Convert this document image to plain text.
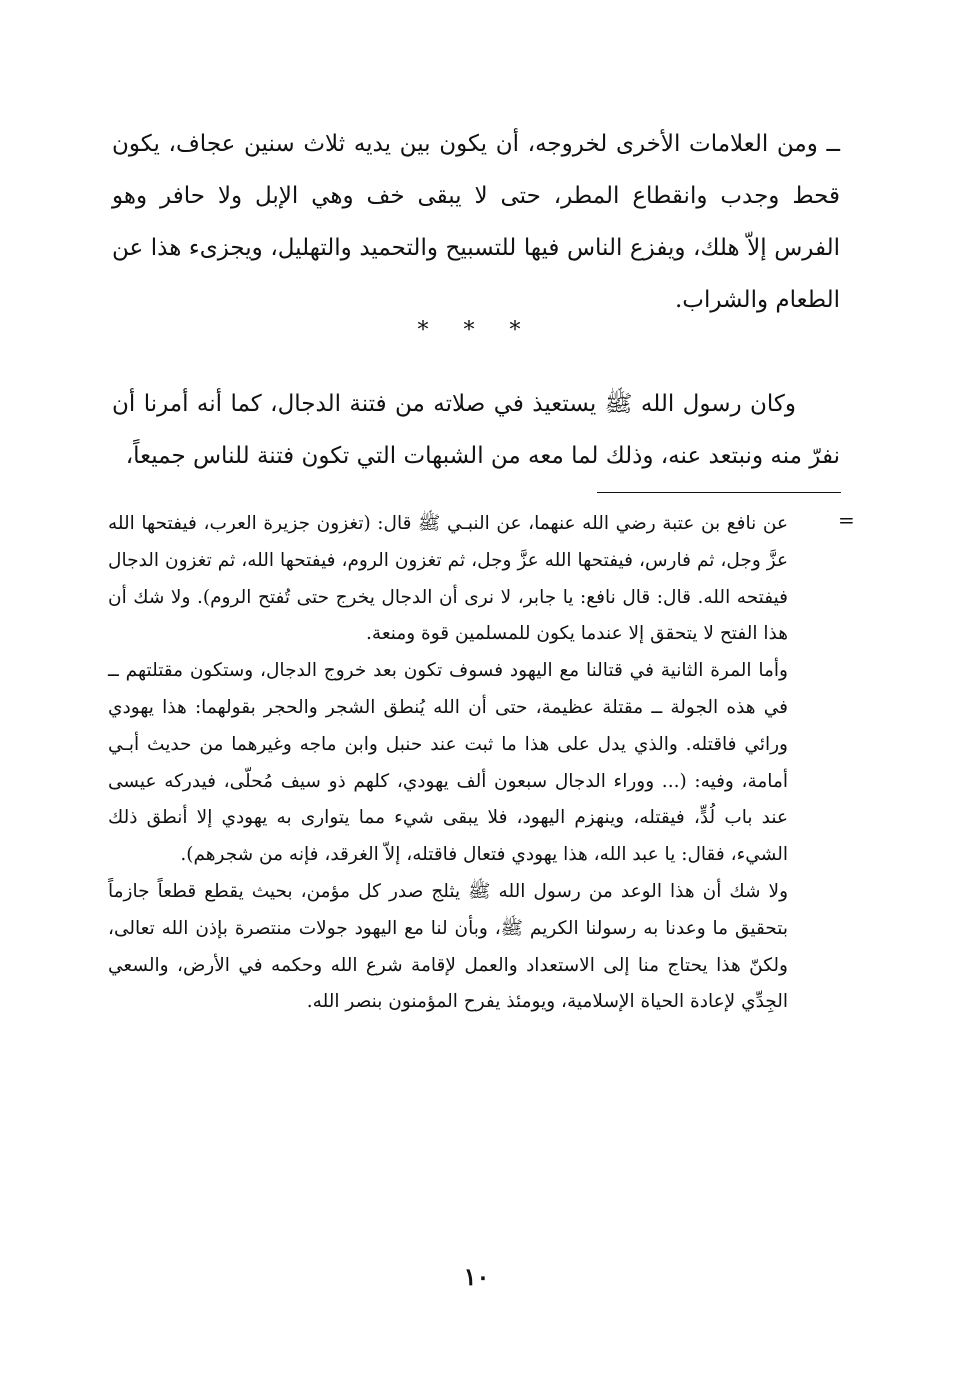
ــ ومن العلامات الأخرى لخروجه، أن يكون بين يديه ثلاث سنين عجاف، يكون قحط وجدب وانقطاع المطر، حتى لا يبقى خف وهي الإبل ولا حافر وهو الفرس إلاّ هلك، ويفزع الناس فيها للتسبيح والتحميد والتهليل، ويجزىء هذا عن الطعام والشراب.

* * *

وكان رسول الله ﷺ يستعيذ في صلاته من فتنة الدجال، كما أنه أمرنا أن نفرّ منه ونبتعد عنه، وذلك لما معه من الشبهات التي تكون فتنة للناس جميعاً،

=

عن نافع بن عتبة رضي الله عنهما، عن النبـي ﷺ قال: (تغزون جزيرة العرب، فيفتحها الله عزَّ وجل، ثم فارس، فيفتحها الله عزَّ وجل، ثم تغزون الروم، فيفتحها الله، ثم تغزون الدجال فيفتحه الله. قال: قال نافع: يا جابر، لا نرى أن الدجال يخرج حتى تُفتح الروم). ولا شك أن هذا الفتح لا يتحقق إلا عندما يكون للمسلمين قوة ومنعة.

وأما المرة الثانية في قتالنا مع اليهود فسوف تكون بعد خروج الدجال، وستكون مقتلتهم ــ في هذه الجولة ــ مقتلة عظيمة، حتى أن الله يُنطق الشجر والحجر بقولهما: هذا يهودي ورائي فاقتله. والذي يدل على هذا ما ثبت عند حنبل وابن ماجه وغيرهما من حديث أبـي أمامة، وفيه: (... ووراء الدجال سبعون ألف يهودي، كلهم ذو سيف مُحلّى، فيدركه عيسى عند باب لُدٍّ، فيقتله، وينهزم اليهود، فلا يبقى شيء مما يتوارى به يهودي إلا أنطق ذلك الشيء، فقال: يا عبد الله، هذا يهودي فتعال فاقتله، إلاّ الغرقد، فإنه من شجرهم).

ولا شك أن هذا الوعد من رسول الله ﷺ يثلج صدر كل مؤمن، بحيث يقطع قطعاً جازماً بتحقيق ما وعدنا به رسولنا الكريم ﷺ، وبأن لنا مع اليهود جولات منتصرة بإذن الله تعالى، ولكنّ هذا يحتاج منا إلى الاستعداد والعمل لإقامة شرع الله وحكمه في الأرض، والسعي الجِدِّي لإعادة الحياة الإسلامية، ويومئذ يفرح المؤمنون بنصر الله.

١٠
